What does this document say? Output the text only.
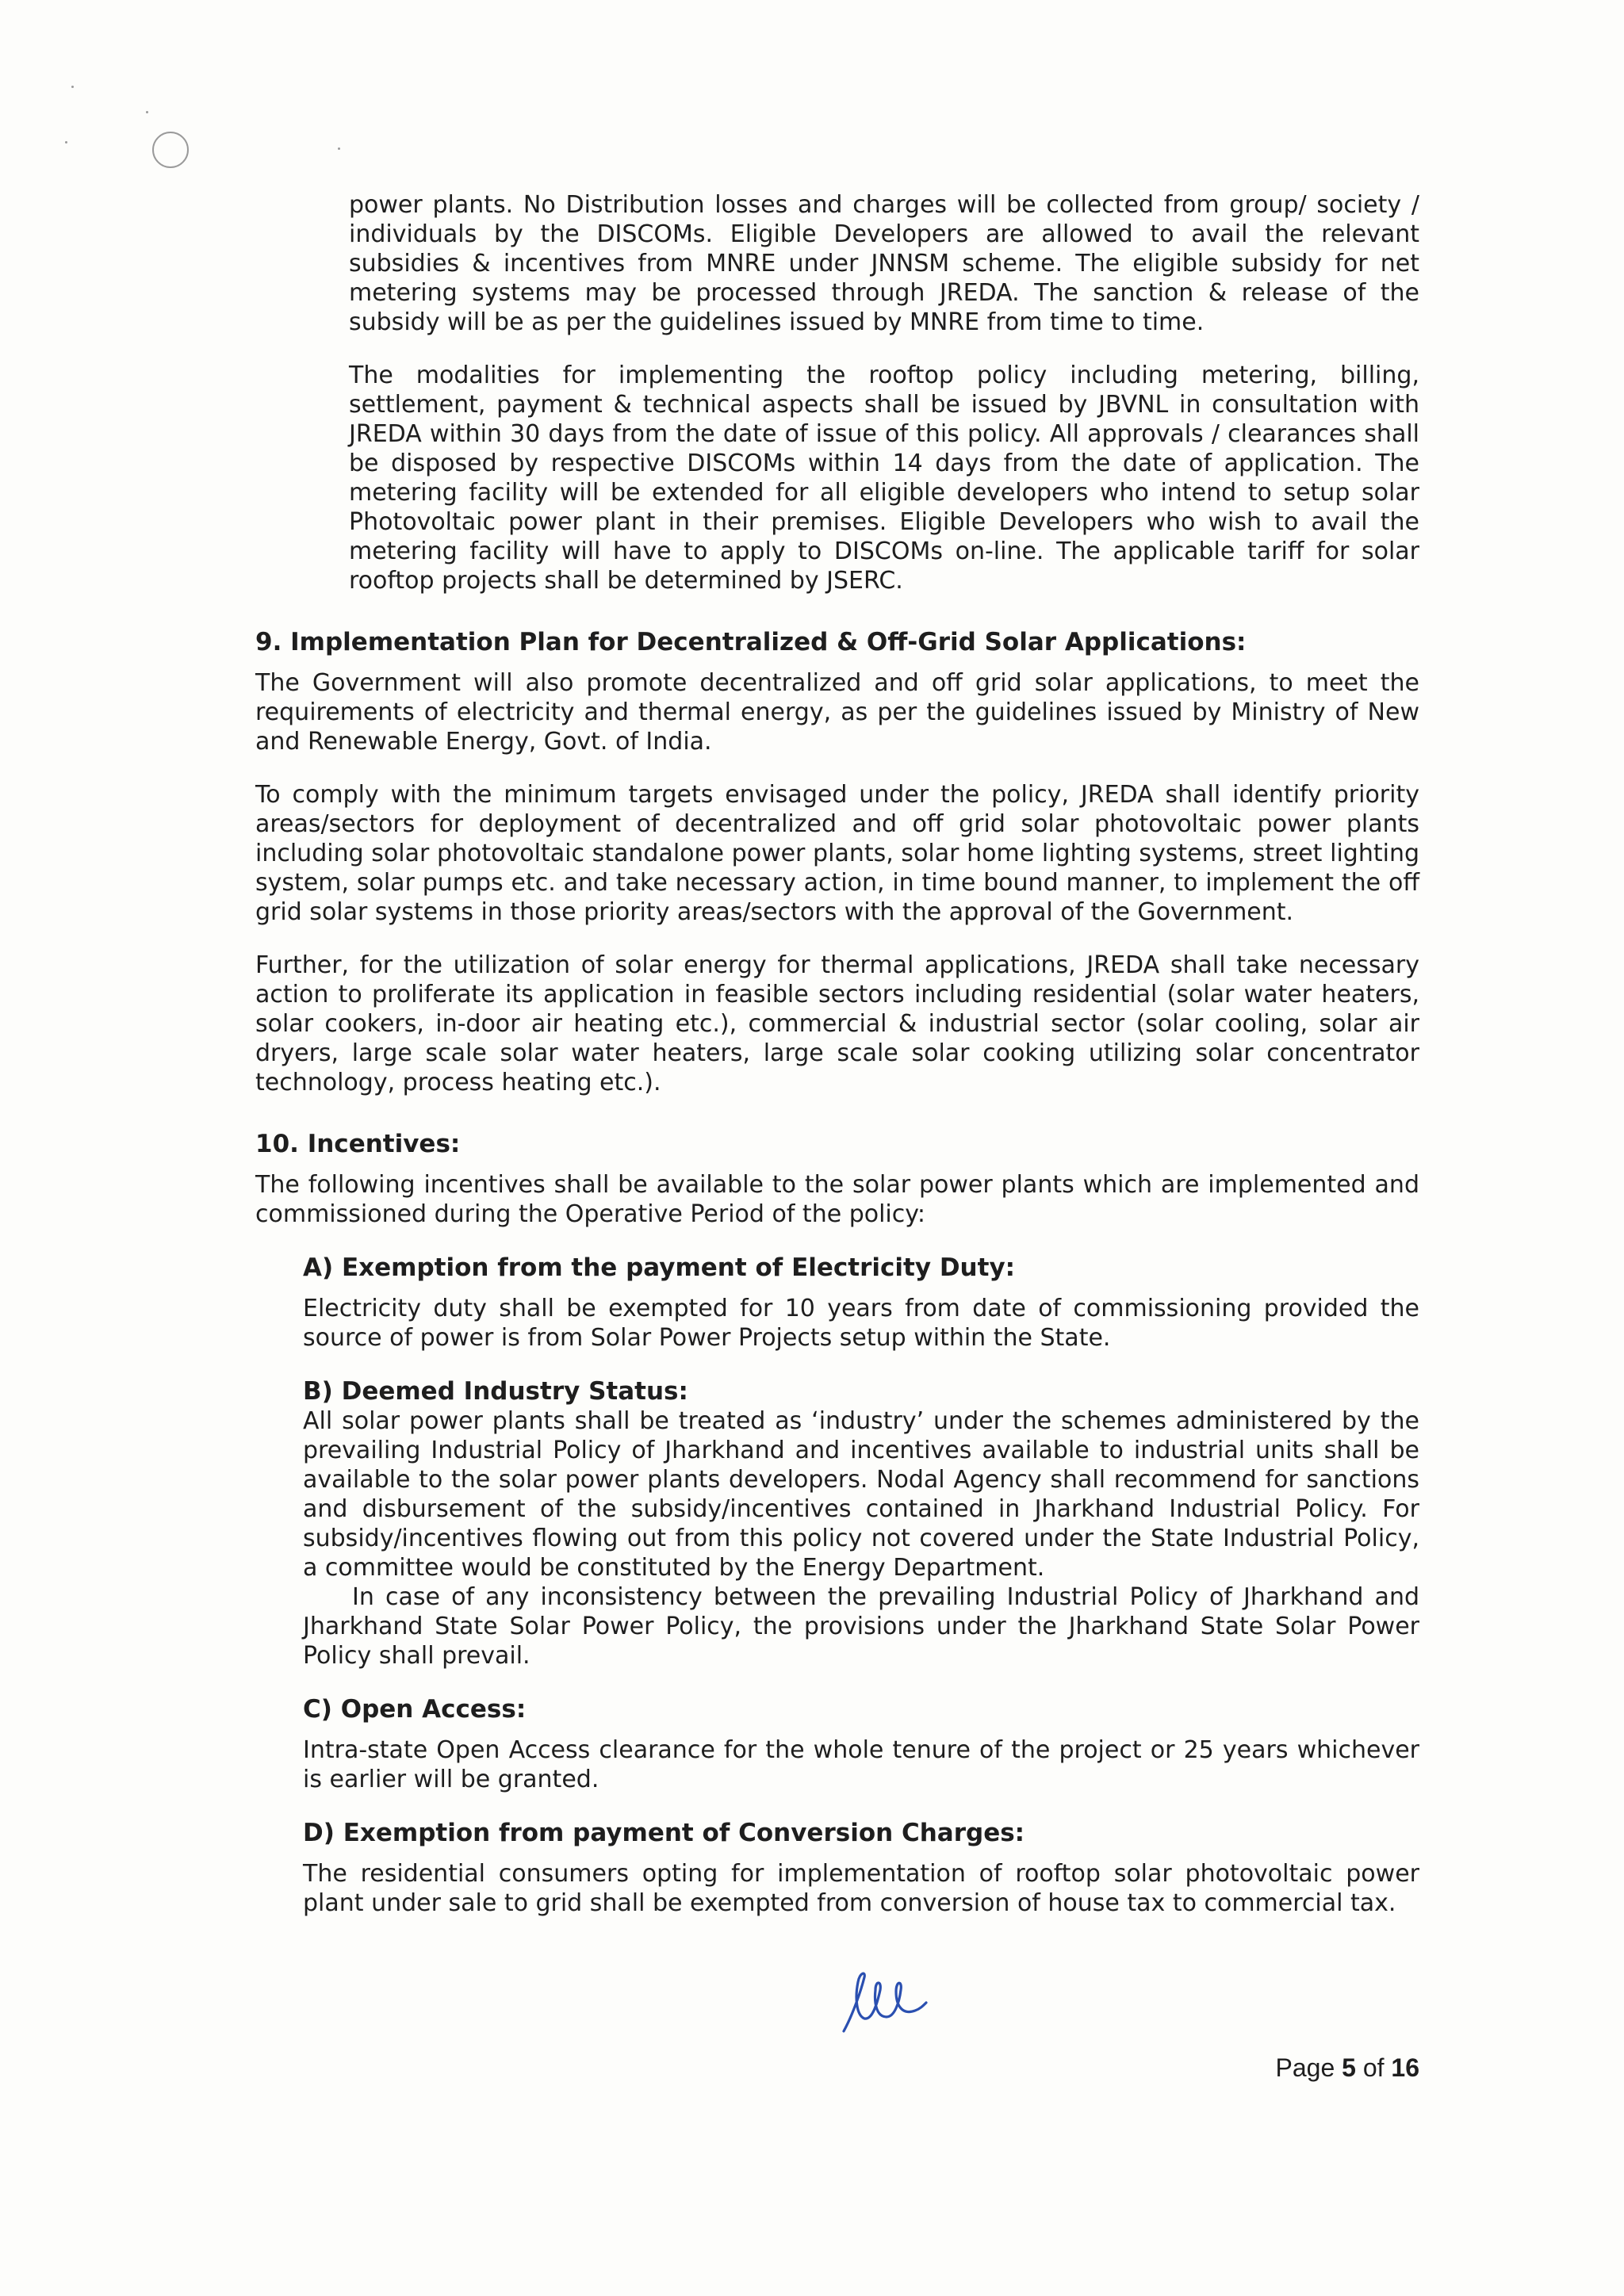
power plants. No Distribution losses and charges will be collected from group/ society / individuals by the DISCOMs. Eligible Developers are allowed to avail the relevant subsidies & incentives from MNRE under JNNSM scheme. The eligible subsidy for net metering systems may be processed through JREDA. The sanction & release of the subsidy will be as per the guidelines issued by MNRE from time to time.

The modalities for implementing the rooftop policy including metering, billing, settlement, payment & technical aspects shall be issued by JBVNL in consultation with JREDA within 30 days from the date of issue of this policy. All approvals / clearances shall be disposed by respective DISCOMs within 14 days from the date of application. The metering facility will be extended for all eligible developers who intend to setup solar Photovoltaic power plant in their premises. Eligible Developers who wish to avail the metering facility will have to apply to DISCOMs on-line. The applicable tariff for solar rooftop projects shall be determined by JSERC.

9. Implementation Plan for Decentralized & Off-Grid Solar Applications:

The Government will also promote decentralized and off grid solar applications, to meet the requirements of electricity and thermal energy, as per the guidelines issued by Ministry of New and Renewable Energy, Govt. of India.

To comply with the minimum targets envisaged under the policy, JREDA shall identify priority areas/sectors for deployment of decentralized and off grid solar photovoltaic power plants including solar photovoltaic standalone power plants, solar home lighting systems, street lighting system, solar pumps etc. and take necessary action, in time bound manner, to implement the off grid solar systems in those priority areas/sectors with the approval of the Government.

Further, for the utilization of solar energy for thermal applications, JREDA shall take necessary action to proliferate its application in feasible sectors including residential (solar water heaters, solar cookers, in-door air heating etc.), commercial & industrial sector (solar cooling, solar air dryers, large scale solar water heaters, large scale solar cooking utilizing solar concentrator technology, process heating etc.).

10. Incentives:

The following incentives shall be available to the solar power plants which are implemented and commissioned during the Operative Period of the policy:

A) Exemption from the payment of Electricity Duty:

Electricity duty shall be exempted for 10 years from date of commissioning provided the source of power is from Solar Power Projects setup within the State.

B) Deemed Industry Status:

All solar power plants shall be treated as ‘industry’ under the schemes administered by the prevailing Industrial Policy of Jharkhand and incentives available to industrial units shall be available to the solar power plants developers. Nodal Agency shall recommend for sanctions and disbursement of the subsidy/incentives contained in Jharkhand Industrial Policy. For subsidy/incentives flowing out from this policy not covered under the State Industrial Policy, a committee would be constituted by the Energy Department.

In case of any inconsistency between the prevailing Industrial Policy of Jharkhand and Jharkhand State Solar Power Policy, the provisions under the Jharkhand State Solar Power Policy shall prevail.

C) Open Access:

Intra-state Open Access clearance for the whole tenure of the project or 25 years whichever is earlier will be granted.

D) Exemption from payment of Conversion Charges:

The residential consumers opting for implementation of rooftop solar photovoltaic power plant under sale to grid shall be exempted from conversion of house tax to commercial tax.

Page 5 of 16
